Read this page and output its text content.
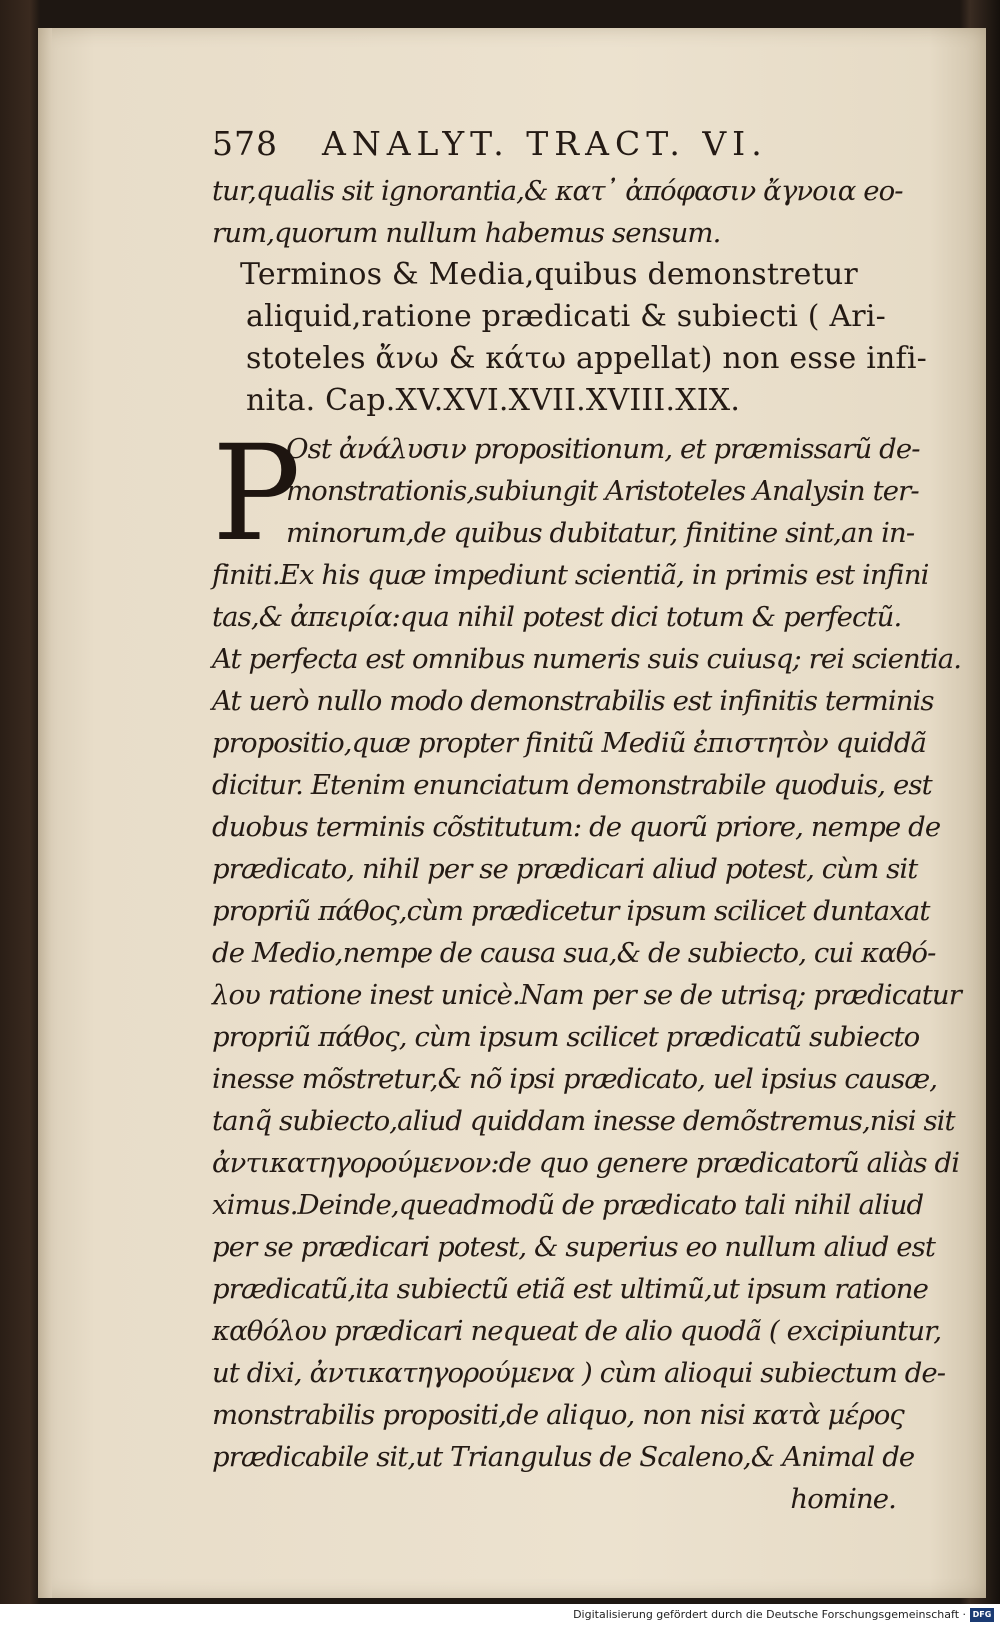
578 ANALYT. TRACT. VI.
tur,qualis sit ignorantia,& κατ᾽ ἀπόφασιν ἄγνοια eo-
rum,quorum nullum habemus sensum.
Terminos & Media,quibus demonstretur
aliquid,ratione prædicati & subiecti ( Ari-
stoteles ἄνω & κάτω appellat) non esse infi-
nita. Cap.XV.XVI.XVII.XVIII.XIX.
P
Ost ἀνάλυσιν propositionum, et præmissarũ de-
monstrationis,subiungit Aristoteles Analysin ter-
minorum,de quibus dubitatur, finitine sint,an in-
finiti.Ex his quæ impediunt scientiã, in primis est infini
tas,& ἀπειρία:qua nihil potest dici totum & perfectũ.
At perfecta est omnibus numeris suis cuiusq; rei scientia.
At uerò nullo modo demonstrabilis est infinitis terminis
propositio,quæ propter finitũ Mediũ ἐπιστητὸν quiddã
dicitur. Etenim enunciatum demonstrabile quoduis, est
duobus terminis cõstitutum: de quorũ priore, nempe de
prædicato, nihil per se prædicari aliud potest, cùm sit
propriũ πάθος,cùm prædicetur ipsum scilicet duntaxat
de Medio,nempe de causa sua,& de subiecto, cui καθό-
λου ratione inest unicè.Nam per se de utrisq; prædicatur
propriũ πάθος, cùm ipsum scilicet prædicatũ subiecto
inesse mõstretur,& nõ ipsi prædicato, uel ipsius causæ,
tanq̃ subiecto,aliud quiddam inesse demõstremus,nisi sit
ἀντικατηγορούμενον:de quo genere prædicatorũ aliàs di
ximus.Deinde,queadmodũ de prædicato tali nihil aliud
per se prædicari potest, & superius eo nullum aliud est
prædicatũ,ita subiectũ etiã est ultimũ,ut ipsum ratione
καθόλου prædicari nequeat de alio quodã ( excipiuntur,
ut dixi, ἀντικατηγορούμενα ) cùm alioqui subiectum de-
monstrabilis propositi,de aliquo, non nisi κατὰ μέρος
prædicabile sit,ut Triangulus de Scaleno,& Animal de
homine.
Digitalisierung gefördert durch die Deutsche Forschungsgemeinschaft · DFG
